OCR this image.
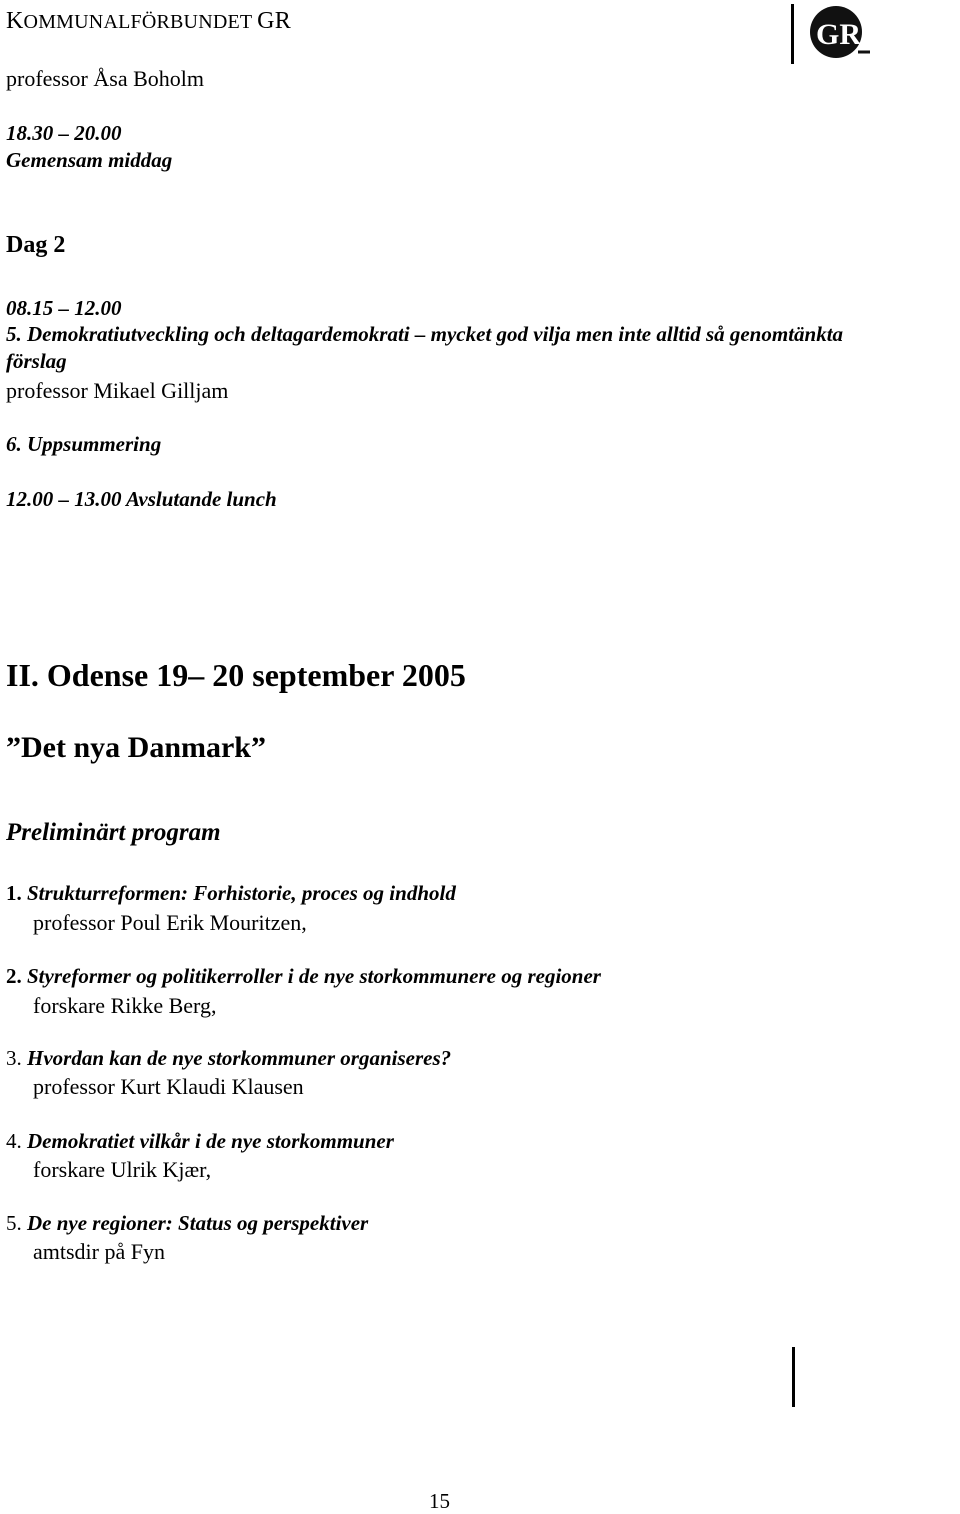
KOMMUNALFÖRBUNDET GR	GR
professor Åsa Boholm
18.30 – 20.00
Gemensam middag
Dag 2
08.15 – 12.00
5. Demokratiutveckling och deltagardemokrati – mycket god vilja men inte alltid så genomtänkta
förslag
professor Mikael Gilljam
6. Uppsummering
12.00 – 13.00 Avslutande lunch
II. Odense 19– 20 september 2005
”Det nya Danmark”
Preliminärt program
1. Strukturreformen: Forhistorie, proces og indhold
professor Poul Erik Mouritzen,
2. Styreformer og politikerroller i de nye storkommunere og regioner
forskare Rikke Berg,
3. Hvordan kan de nye storkommuner organiseres?
professor Kurt Klaudi Klausen
4. Demokratiet vilkår i de nye storkommuner
forskare Ulrik Kjær,
5. De nye regioner: Status og perspektiver
amtsdir på Fyn
15
